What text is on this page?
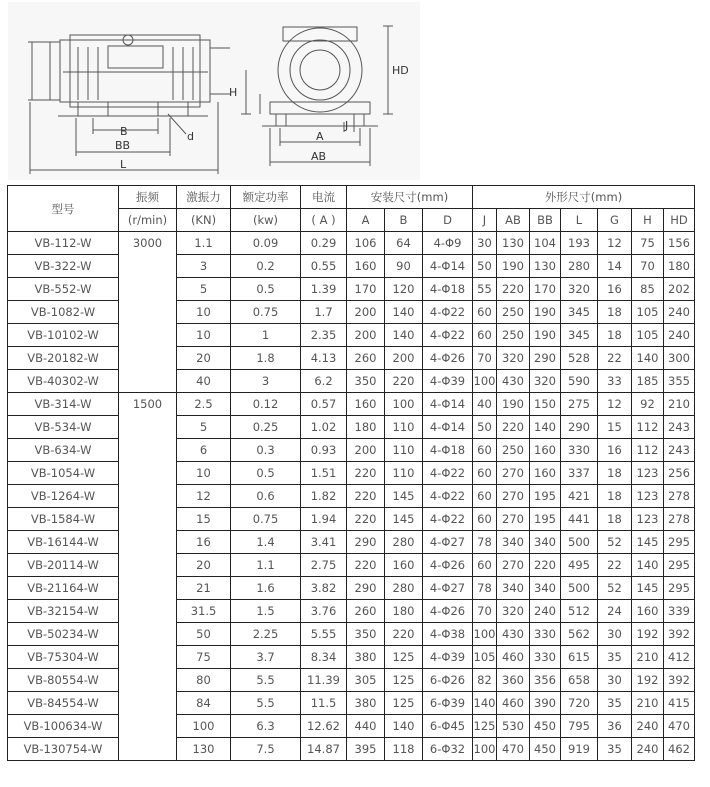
B
BB
L
d
H
HD
A
AB
J
型号	振频	激振力	额定功率	电流	安装尺寸(mm)			外形尺寸(mm)						
	(r/min)	(KN)	(kw)	( A )	A	B	D	J	AB	BB	L	G	H	HD
VB-112-W	3000	1.1	0.09	0.29	106	64	4-Φ9	30	130	104	193	12	75	156
VB-322-W		3	0.2	0.55	160	90	4-Φ14	50	190	130	280	14	70	180
VB-552-W		5	0.5	1.39	170	120	4-Φ18	55	220	170	320	16	85	202
VB-1082-W		10	0.75	1.7	200	140	4-Φ22	60	250	190	345	18	105	240
VB-10102-W		10	1	2.35	200	140	4-Φ22	60	250	190	345	18	105	240
VB-20182-W		20	1.8	4.13	260	200	4-Φ26	70	320	290	528	22	140	300
VB-40302-W		40	3	6.2	350	220	4-Φ39	100	430	320	590	33	185	355
VB-314-W	1500	2.5	0.12	0.57	160	100	4-Φ14	40	190	150	275	12	92	210
VB-534-W		5	0.25	1.02	180	110	4-Φ14	50	220	140	290	15	112	243
VB-634-W		6	0.3	0.93	200	110	4-Φ18	60	250	160	330	16	112	243
VB-1054-W		10	0.5	1.51	220	110	4-Φ22	60	270	160	337	18	123	256
VB-1264-W		12	0.6	1.82	220	145	4-Φ22	60	270	195	421	18	123	278
VB-1584-W		15	0.75	1.94	220	145	4-Φ22	60	270	195	441	18	123	278
VB-16144-W		16	1.4	3.41	290	280	4-Φ27	78	340	340	500	52	145	295
VB-20114-W		20	1.1	2.75	220	160	4-Φ26	60	270	220	495	22	140	295
VB-21164-W		21	1.6	3.82	290	280	4-Φ27	78	340	340	500	52	145	295
VB-32154-W		31.5	1.5	3.76	260	180	4-Φ26	70	320	240	512	24	160	339
VB-50234-W		50	2.25	5.55	350	220	4-Φ38	100	430	330	562	30	192	392
VB-75304-W		75	3.7	8.34	380	125	4-Φ39	105	460	330	615	35	210	412
VB-80554-W		80	5.5	11.39	305	125	6-Φ26	82	360	356	658	30	192	392
VB-84554-W		84	5.5	11.5	380	125	6-Φ39	140	460	390	720	35	210	415
VB-100634-W		100	6.3	12.62	440	140	6-Φ45	125	530	450	795	36	240	470
VB-130754-W		130	7.5	14.87	395	118	6-Φ32	100	470	450	919	35	240	462
